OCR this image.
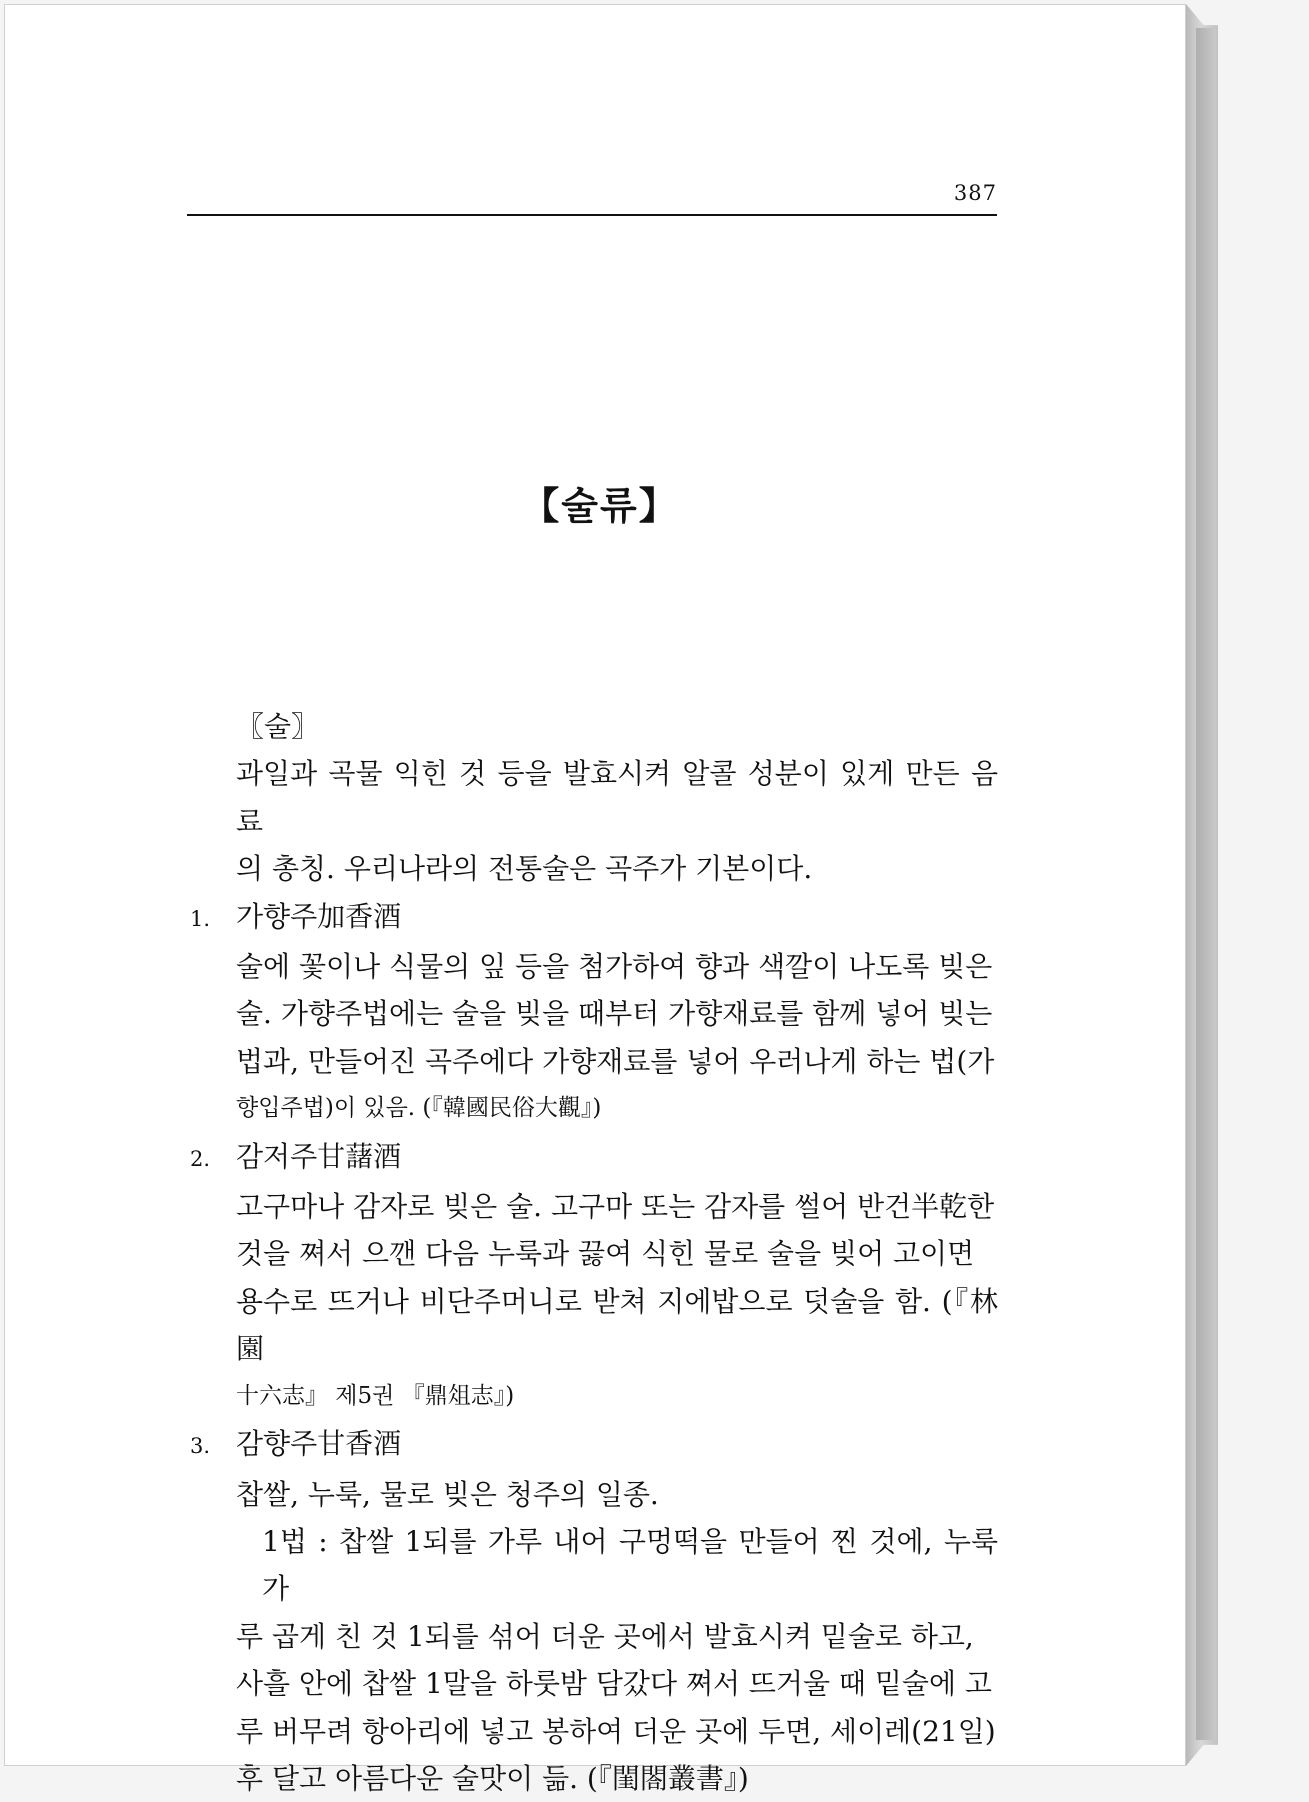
387
【술류】

〖술〗

과일과 곡물 익힌 것 등을 발효시켜 알콜 성분이 있게 만든 음료

의 총칭. 우리나라의 전통술은 곡주가 기본이다.

1. 가향주加香酒

술에 꽃이나 식물의 잎 등을 첨가하여 향과 색깔이 나도록 빚은

술. 가향주법에는 술을 빚을 때부터 가향재료를 함께 넣어 빚는

법과, 만들어진 곡주에다 가향재료를 넣어 우러나게 하는 법(가

향입주법)이 있음. (『韓國民俗大觀』)

2. 감저주甘藷酒

고구마나 감자로 빚은 술. 고구마 또는 감자를 썰어 반건半乾한

것을 쪄서 으깬 다음 누룩과 끓여 식힌 물로 술을 빚어 고이면

용수로 뜨거나 비단주머니로 받쳐 지에밥으로 덧술을 함. (『林園

十六志』 제5권 『鼎俎志』)

3. 감향주甘香酒

찹쌀, 누룩, 물로 빚은 청주의 일종.

1법 : 찹쌀 1되를 가루 내어 구멍떡을 만들어 찐 것에, 누룩가

루 곱게 친 것 1되를 섞어 더운 곳에서 발효시켜 밑술로 하고,

사흘 안에 찹쌀 1말을 하룻밤 담갔다 쪄서 뜨거울 때 밑술에 고

루 버무려 항아리에 넣고 봉하여 더운 곳에 두면, 세이레(21일)

후 달고 아름다운 술맛이 듦. (『閨閤叢書』)
